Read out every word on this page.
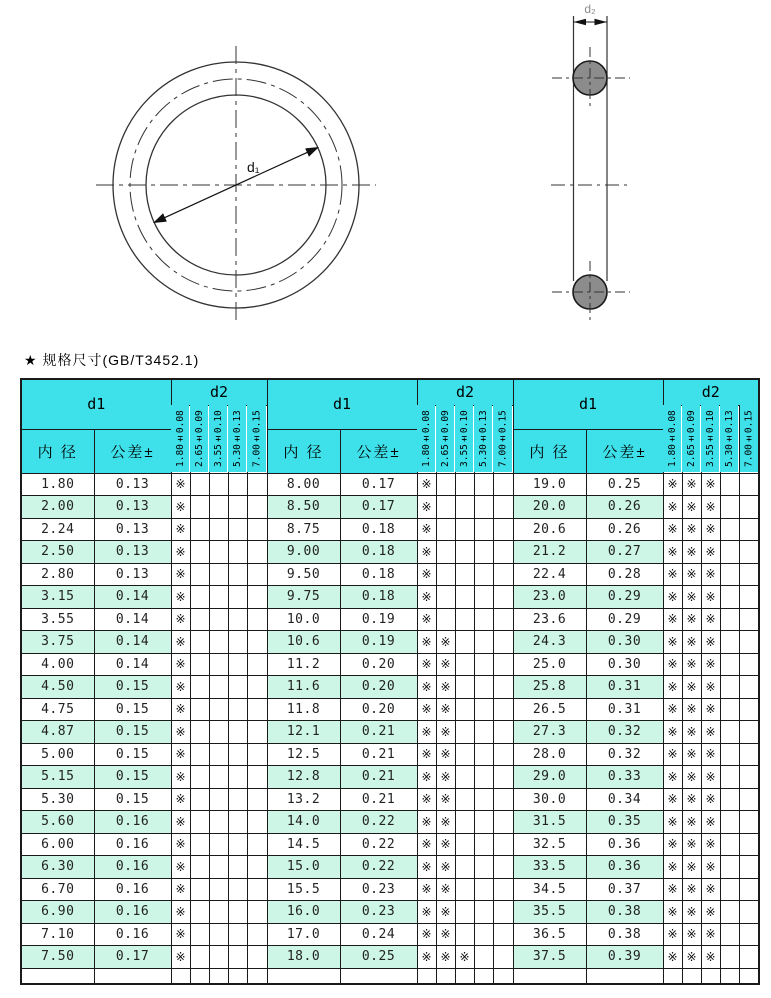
d₁
d₂
★ 规格尺寸(GB/T3452.1)
d1		d2					d1		d2					d1		d2				
		1.80±0.08	2.65±0.09	3.55±0.10	5.30±0.13	7.00±0.15			1.80±0.08	2.65±0.09	3.55±0.10	5.30±0.13	7.00±0.15			1.80±0.08	2.65±0.09	3.55±0.10	5.30±0.13	7.00±0.15
内 径	公差±						内 径	公差±						内 径	公差±					
1.80	0.13	※					8.00	0.17	※					19.0	0.25	※	※	※		
2.00	0.13	※					8.50	0.17	※					20.0	0.26	※	※	※		
2.24	0.13	※					8.75	0.18	※					20.6	0.26	※	※	※		
2.50	0.13	※					9.00	0.18	※					21.2	0.27	※	※	※		
2.80	0.13	※					9.50	0.18	※					22.4	0.28	※	※	※		
3.15	0.14	※					9.75	0.18	※					23.0	0.29	※	※	※		
3.55	0.14	※					10.0	0.19	※					23.6	0.29	※	※	※		
3.75	0.14	※					10.6	0.19	※	※				24.3	0.30	※	※	※		
4.00	0.14	※					11.2	0.20	※	※				25.0	0.30	※	※	※		
4.50	0.15	※					11.6	0.20	※	※				25.8	0.31	※	※	※		
4.75	0.15	※					11.8	0.20	※	※				26.5	0.31	※	※	※		
4.87	0.15	※					12.1	0.21	※	※				27.3	0.32	※	※	※		
5.00	0.15	※					12.5	0.21	※	※				28.0	0.32	※	※	※		
5.15	0.15	※					12.8	0.21	※	※				29.0	0.33	※	※	※		
5.30	0.15	※					13.2	0.21	※	※				30.0	0.34	※	※	※		
5.60	0.16	※					14.0	0.22	※	※				31.5	0.35	※	※	※		
6.00	0.16	※					14.5	0.22	※	※				32.5	0.36	※	※	※		
6.30	0.16	※					15.0	0.22	※	※				33.5	0.36	※	※	※		
6.70	0.16	※					15.5	0.23	※	※				34.5	0.37	※	※	※		
6.90	0.16	※					16.0	0.23	※	※				35.5	0.38	※	※	※		
7.10	0.16	※					17.0	0.24	※	※				36.5	0.38	※	※	※		
7.50	0.17	※					18.0	0.25	※	※	※			37.5	0.39	※	※	※		
